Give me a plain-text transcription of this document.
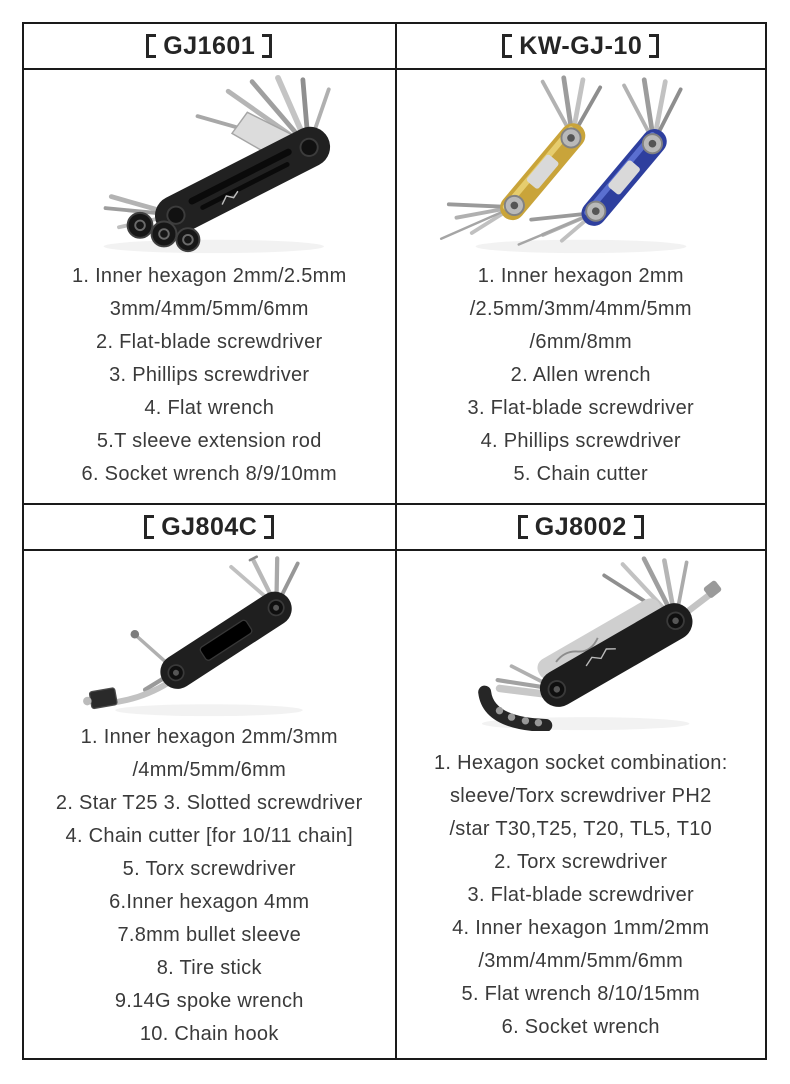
GJ1601	KW-GJ-10
1. Inner hexagon 2mm/2.5mm
3mm/4mm/5mm/6mm
2. Flat-blade screwdriver
3. Phillips screwdriver
4. Flat wrench
5.T sleeve extension rod
6. Socket wrench 8/9/10mm
1. Inner hexagon 2mm
/2.5mm/3mm/4mm/5mm
/6mm/8mm
2. Allen wrench
3. Flat-blade screwdriver
4. Phillips screwdriver
5. Chain cutter
GJ804C	GJ8002
1. Inner hexagon 2mm/3mm
/4mm/5mm/6mm
2. Star T25 3. Slotted screwdriver
4. Chain cutter [for 10/11 chain]
5. Torx screwdriver
6.Inner hexagon 4mm
7.8mm bullet sleeve
8. Tire stick
9.14G spoke wrench
10. Chain hook
1. Hexagon socket combination:
sleeve/Torx screwdriver PH2
/star T30,T25, T20, TL5, T10
2. Torx screwdriver
3. Flat-blade screwdriver
4. Inner hexagon 1mm/2mm
/3mm/4mm/5mm/6mm
5. Flat wrench 8/10/15mm
6. Socket wrench
